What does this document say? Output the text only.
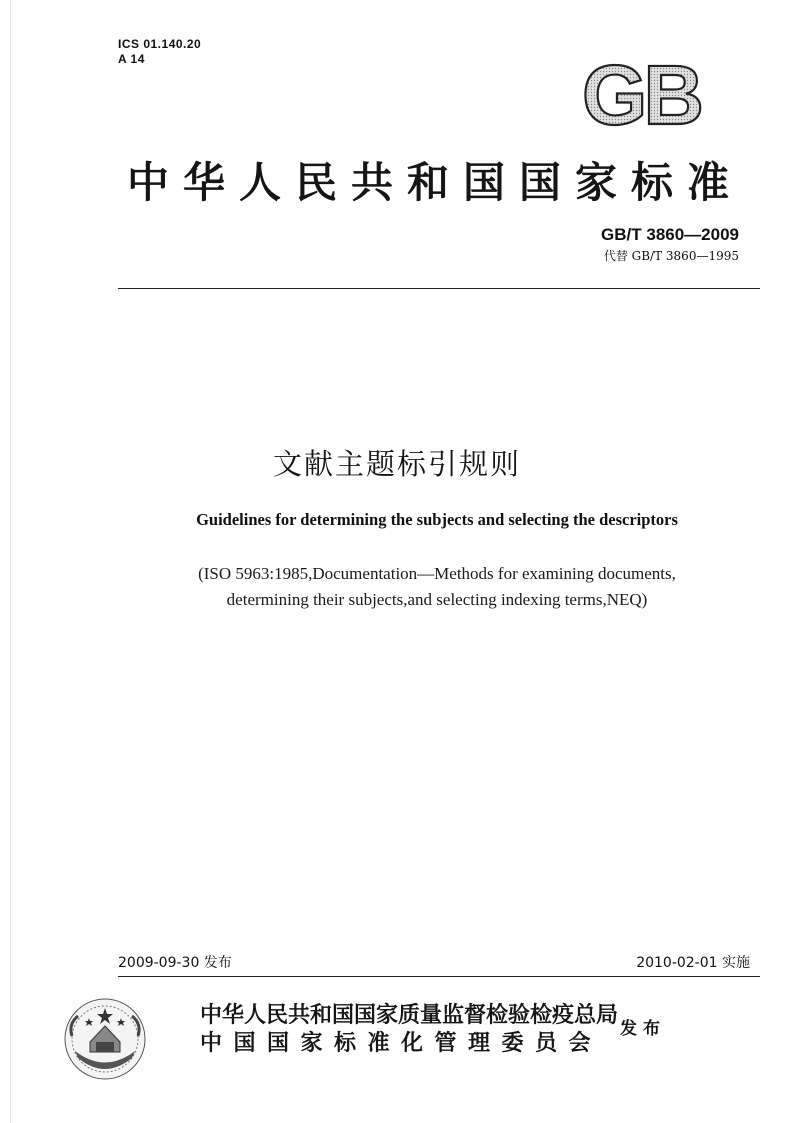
ICS 01.140.20
A 14	GB
中华人民共和国国家标准
GB/T 3860—2009
代替 GB/T 3860—1995
文献主题标引规则
Guidelines for determining the subjects and selecting the descriptors
(ISO 5963:1985,Documentation—Methods for examining documents,
determining their subjects,and selecting indexing terms,NEQ)
2009-09-30 发布	2010-02-01 实施
中华人民共和国国家质量监督检验检疫总局
中国国家标准化管理委员会
发布
